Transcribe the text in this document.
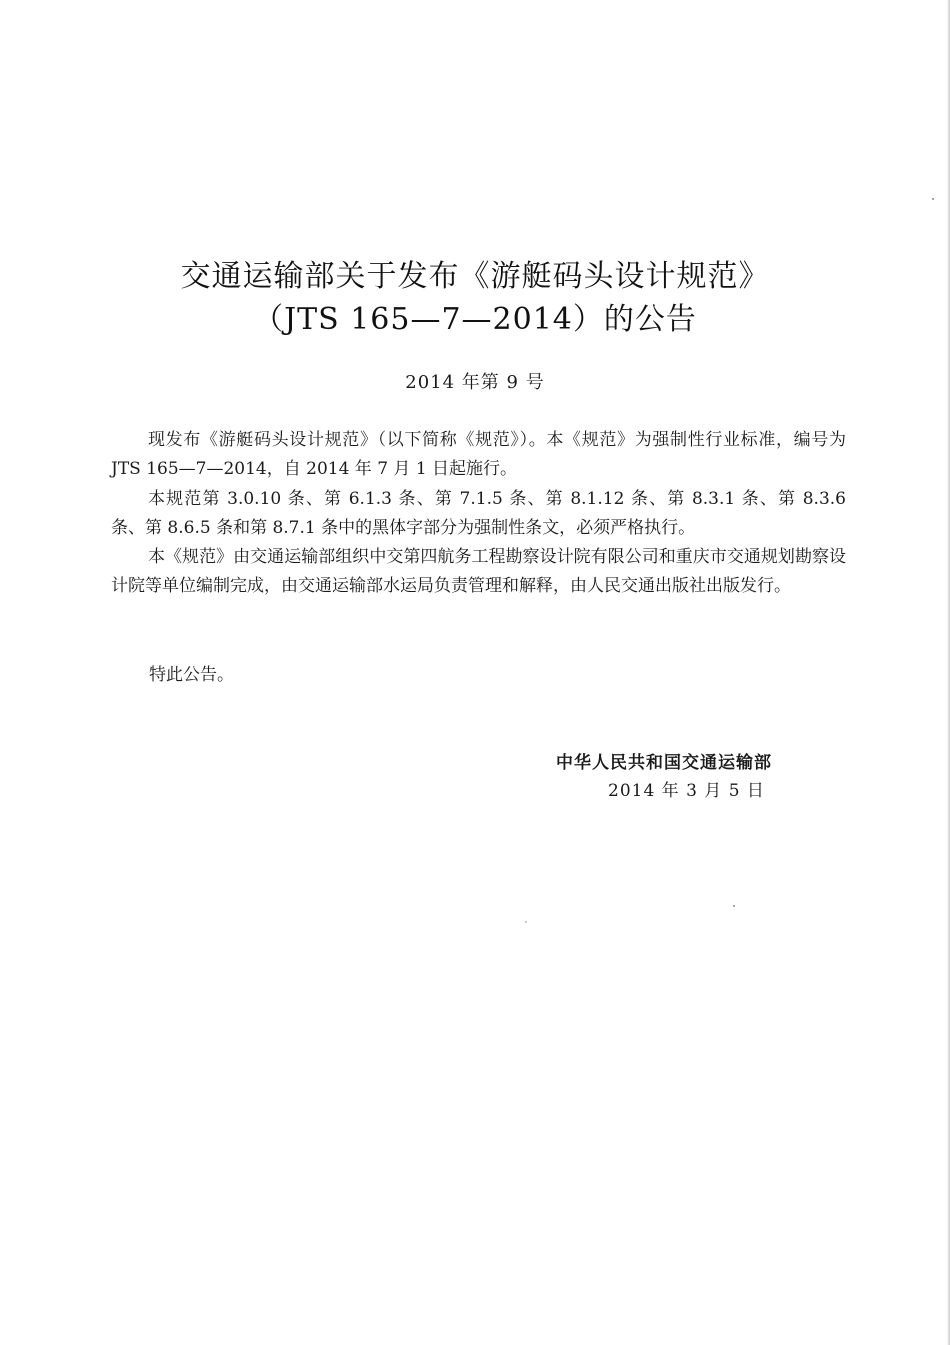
交通运输部关于发布《游艇码头设计规范》
（JTS 165—7—2014）的公告

2014 年第 9 号

现发布《游艇码头设计规范》（以下简称《规范》）。本《规范》为强制性行业标准，编号为 JTS 165—7—2014，自 2014 年 7 月 1 日起施行。

本规范第 3.0.10 条、第 6.1.3 条、第 7.1.5 条、第 8.1.12 条、第 8.3.1 条、第 8.3.6 条、第 8.6.5 条和第 8.7.1 条中的黑体字部分为强制性条文，必须严格执行。

本《规范》由交通运输部组织中交第四航务工程勘察设计院有限公司和重庆市交通规划勘察设计院等单位编制完成，由交通运输部水运局负责管理和解释，由人民交通出版社出版发行。

特此公告。

中华人民共和国交通运输部

2014 年 3 月 5 日
